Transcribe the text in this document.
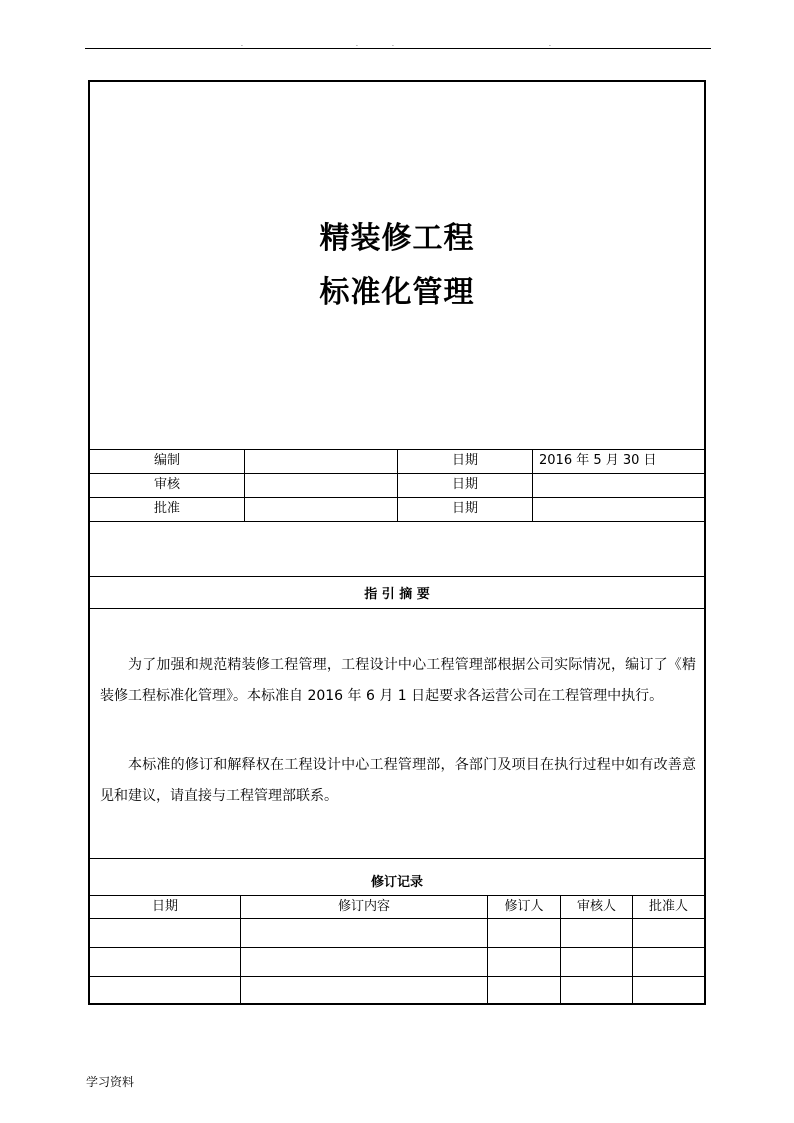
.	.	.	.
精装修工程
标准化管理
编制	日期	2016 年 5 月 30 日
审核	日期
批准	日期
指 引 摘 要
修订记录
日期	修订内容	修订人	审核人	批准人
为了加强和规范精装修工程管理，工程设计中心工程管理部根据公司实际情况，编订了《精装修工程标准化管理》。本标准自 2016 年 6 月 1 日起要求各运营公司在工程管理中执行。
本标准的修订和解释权在工程设计中心工程管理部，各部门及项目在执行过程中如有改善意见和建议，请直接与工程管理部联系。
学习资料
